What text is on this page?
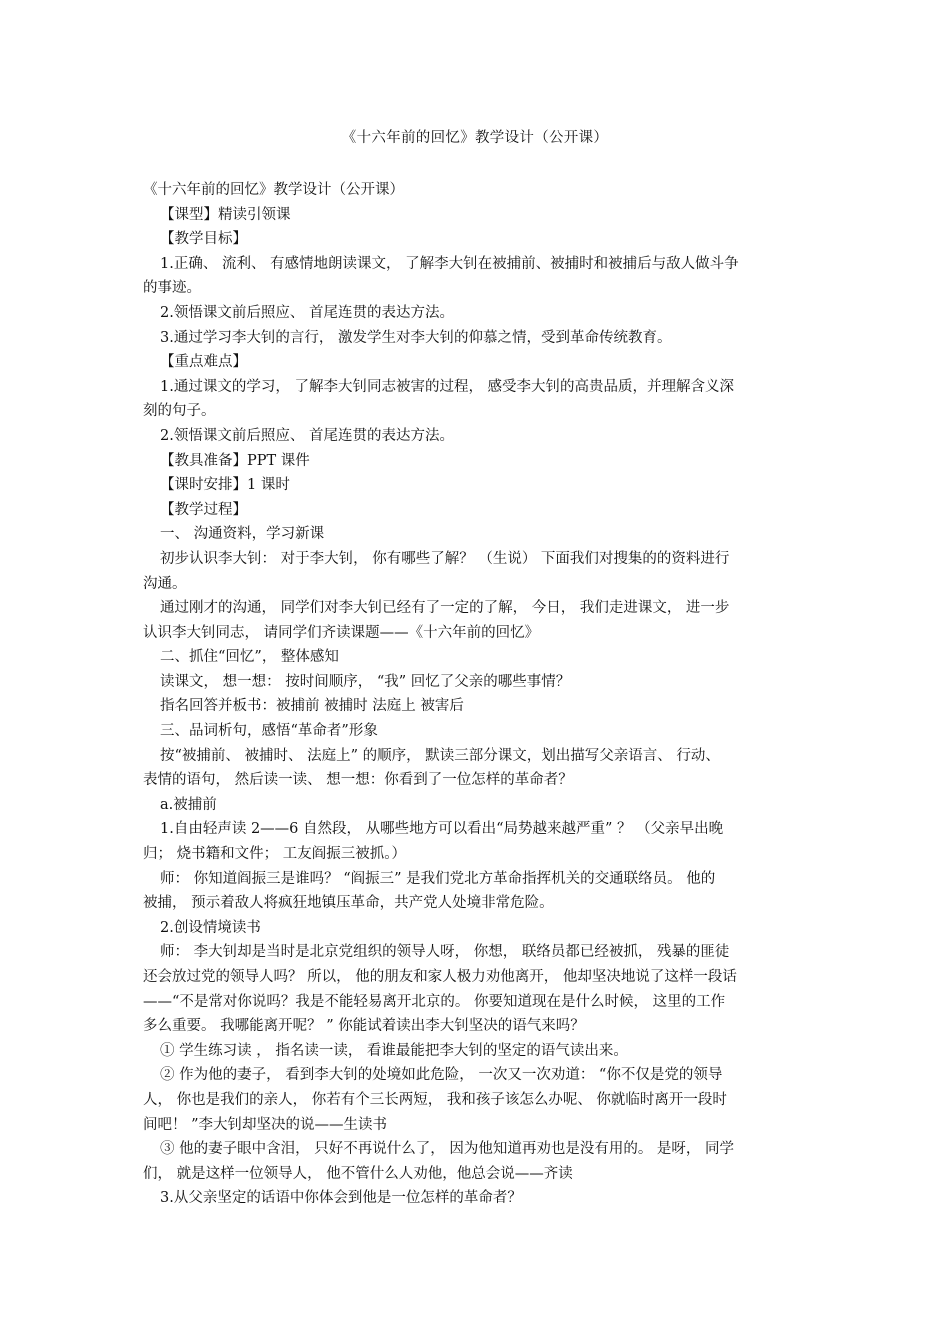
《十六年前的回忆》教学设计（公开课）
《十六年前的回忆》教学设计（公开课）
【课型】精读引领课
【教学目标】
1.正确、 流利、 有感情地朗读课文， 了解李大钊在被捕前、被捕时和被捕后与敌人做斗争
的事迹。
2.领悟课文前后照应、 首尾连贯的表达方法。
3.通过学习李大钊的言行， 激发学生对李大钊的仰慕之情，受到革命传统教育。
【重点难点】
1.通过课文的学习， 了解李大钊同志被害的过程， 感受李大钊的高贵品质，并理解含义深
刻的句子。
2.领悟课文前后照应、 首尾连贯的表达方法。
【教具准备】PPT 课件
【课时安排】1 课时
【教学过程】
一、 沟通资料，学习新课
初步认识李大钊： 对于李大钊， 你有哪些了解？ （生说） 下面我们对搜集的的资料进行
沟通。
通过刚才的沟通， 同学们对李大钊已经有了一定的了解， 今日， 我们走进课文， 进一步
认识李大钊同志， 请同学们齐读课题——《十六年前的回忆》
二、抓住“回忆”， 整体感知
读课文， 想一想： 按时间顺序， “我” 回忆了父亲的哪些事情？
指名回答并板书：被捕前 被捕时 法庭上 被害后
三、品词析句，感悟“革命者”形象
按“被捕前、 被捕时、 法庭上” 的顺序， 默读三部分课文，划出描写父亲语言、 行动、
表情的语句， 然后读一读、 想一想：你看到了一位怎样的革命者？
a.被捕前
1.自由轻声读 2——6 自然段， 从哪些地方可以看出“局势越来越严重” ？ （父亲早出晚
归； 烧书籍和文件； 工友阎振三被抓。）
师： 你知道阎振三是谁吗？ “阎振三” 是我们党北方革命指挥机关的交通联络员。 他的
被捕， 预示着敌人将疯狂地镇压革命，共产党人处境非常危险。
2.创设情境读书
师： 李大钊却是当时是北京党组织的领导人呀， 你想， 联络员都已经被抓， 残暴的匪徒
还会放过党的领导人吗？ 所以， 他的朋友和家人极力劝他离开， 他却坚决地说了这样一段话
——“不是常对你说吗？我是不能轻易离开北京的。 你要知道现在是什么时候， 这里的工作
多么重要。 我哪能离开呢？ ” 你能试着读出李大钊坚决的语气来吗？
① 学生练习读 ， 指名读一读， 看谁最能把李大钊的坚定的语气读出来。
② 作为他的妻子， 看到李大钊的处境如此危险， 一次又一次劝道： “你不仅是党的领导
人， 你也是我们的亲人， 你若有个三长两短， 我和孩子该怎么办呢、 你就临时离开一段时
间吧！ ”李大钊却坚决的说——生读书
③ 他的妻子眼中含泪， 只好不再说什么了， 因为他知道再劝也是没有用的。 是呀， 同学
们， 就是这样一位领导人， 他不管什么人劝他，他总会说——齐读
3.从父亲坚定的话语中你体会到他是一位怎样的革命者？
